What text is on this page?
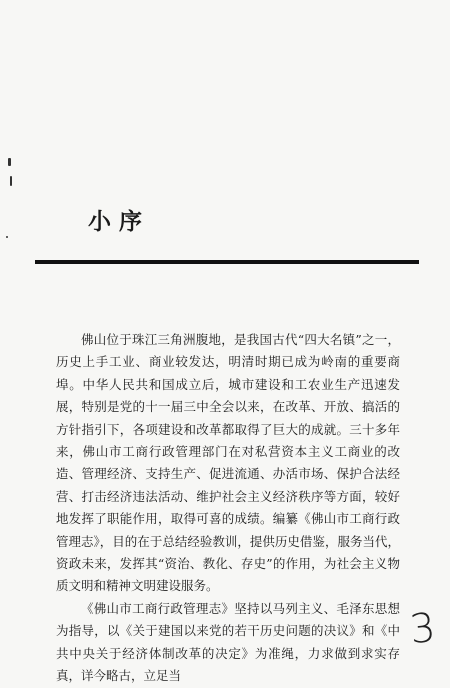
小序

佛山位于珠江三角洲腹地，是我国古代“四大名镇”之一，历史上手工业、商业较发达，明清时期已成为岭南的重要商埠。中华人民共和国成立后，城市建设和工农业生产迅速发展，特别是党的十一届三中全会以来，在改革、开放、搞活的方针指引下，各项建设和改革都取得了巨大的成就。三十多年来，佛山市工商行政管理部门在对私营资本主义工商业的改造、管理经济、支持生产、促进流通、办活市场、保护合法经营、打击经济违法活动、维护社会主义经济秩序等方面，较好地发挥了职能作用，取得可喜的成绩。编纂《佛山市工商行政管理志》，目的在于总结经验教训，提供历史借鉴，服务当代，资政未来，发挥其“资治、教化、存史”的作用，为社会主义物质文明和精神文明建设服务。

《佛山市工商行政管理志》坚持以马列主义、毛泽东思想为指导，以《关于建国以来党的若干历史问题的决议》和《中共中央关于经济体制改革的决定》为准绳，力求做到求实存真，详今略古，立足当

3
